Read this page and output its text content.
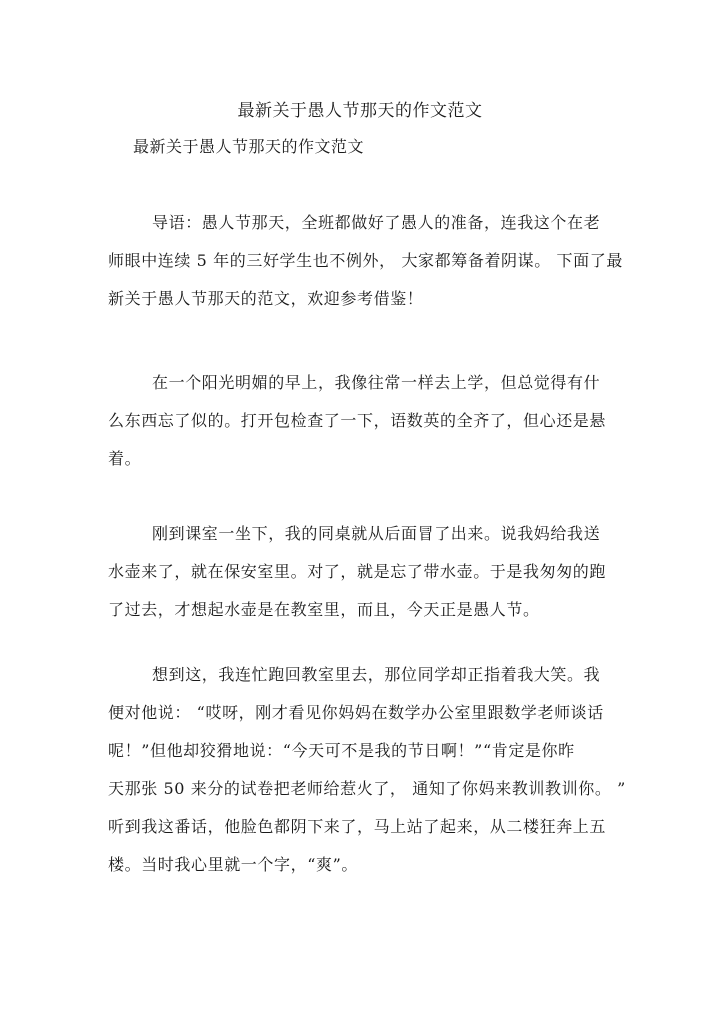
最新关于愚人节那天的作文范文
最新关于愚人节那天的作文范文
导语：愚人节那天，全班都做好了愚人的准备，连我这个在老
师眼中连续 5 年的三好学生也不例外， 大家都筹备着阴谋。 下面了最
新关于愚人节那天的范文，欢迎参考借鉴！
在一个阳光明媚的早上，我像往常一样去上学，但总觉得有什
么东西忘了似的。打开包检查了一下，语数英的全齐了，但心还是悬
着。
刚到课室一坐下，我的同桌就从后面冒了出来。说我妈给我送
水壶来了，就在保安室里。对了，就是忘了带水壶。于是我匆匆的跑
了过去，才想起水壶是在教室里，而且，今天正是愚人节。
想到这，我连忙跑回教室里去，那位同学却正指着我大笑。我
便对他说： “哎呀，刚才看见你妈妈在数学办公室里跟数学老师谈话
呢！”但他却狡猾地说：“今天可不是我的节日啊！”“肯定是你昨
天那张 50 来分的试卷把老师给惹火了， 通知了你妈来教训教训你。 ”
听到我这番话，他脸色都阴下来了，马上站了起来，从二楼狂奔上五
楼。当时我心里就一个字，“爽”。
